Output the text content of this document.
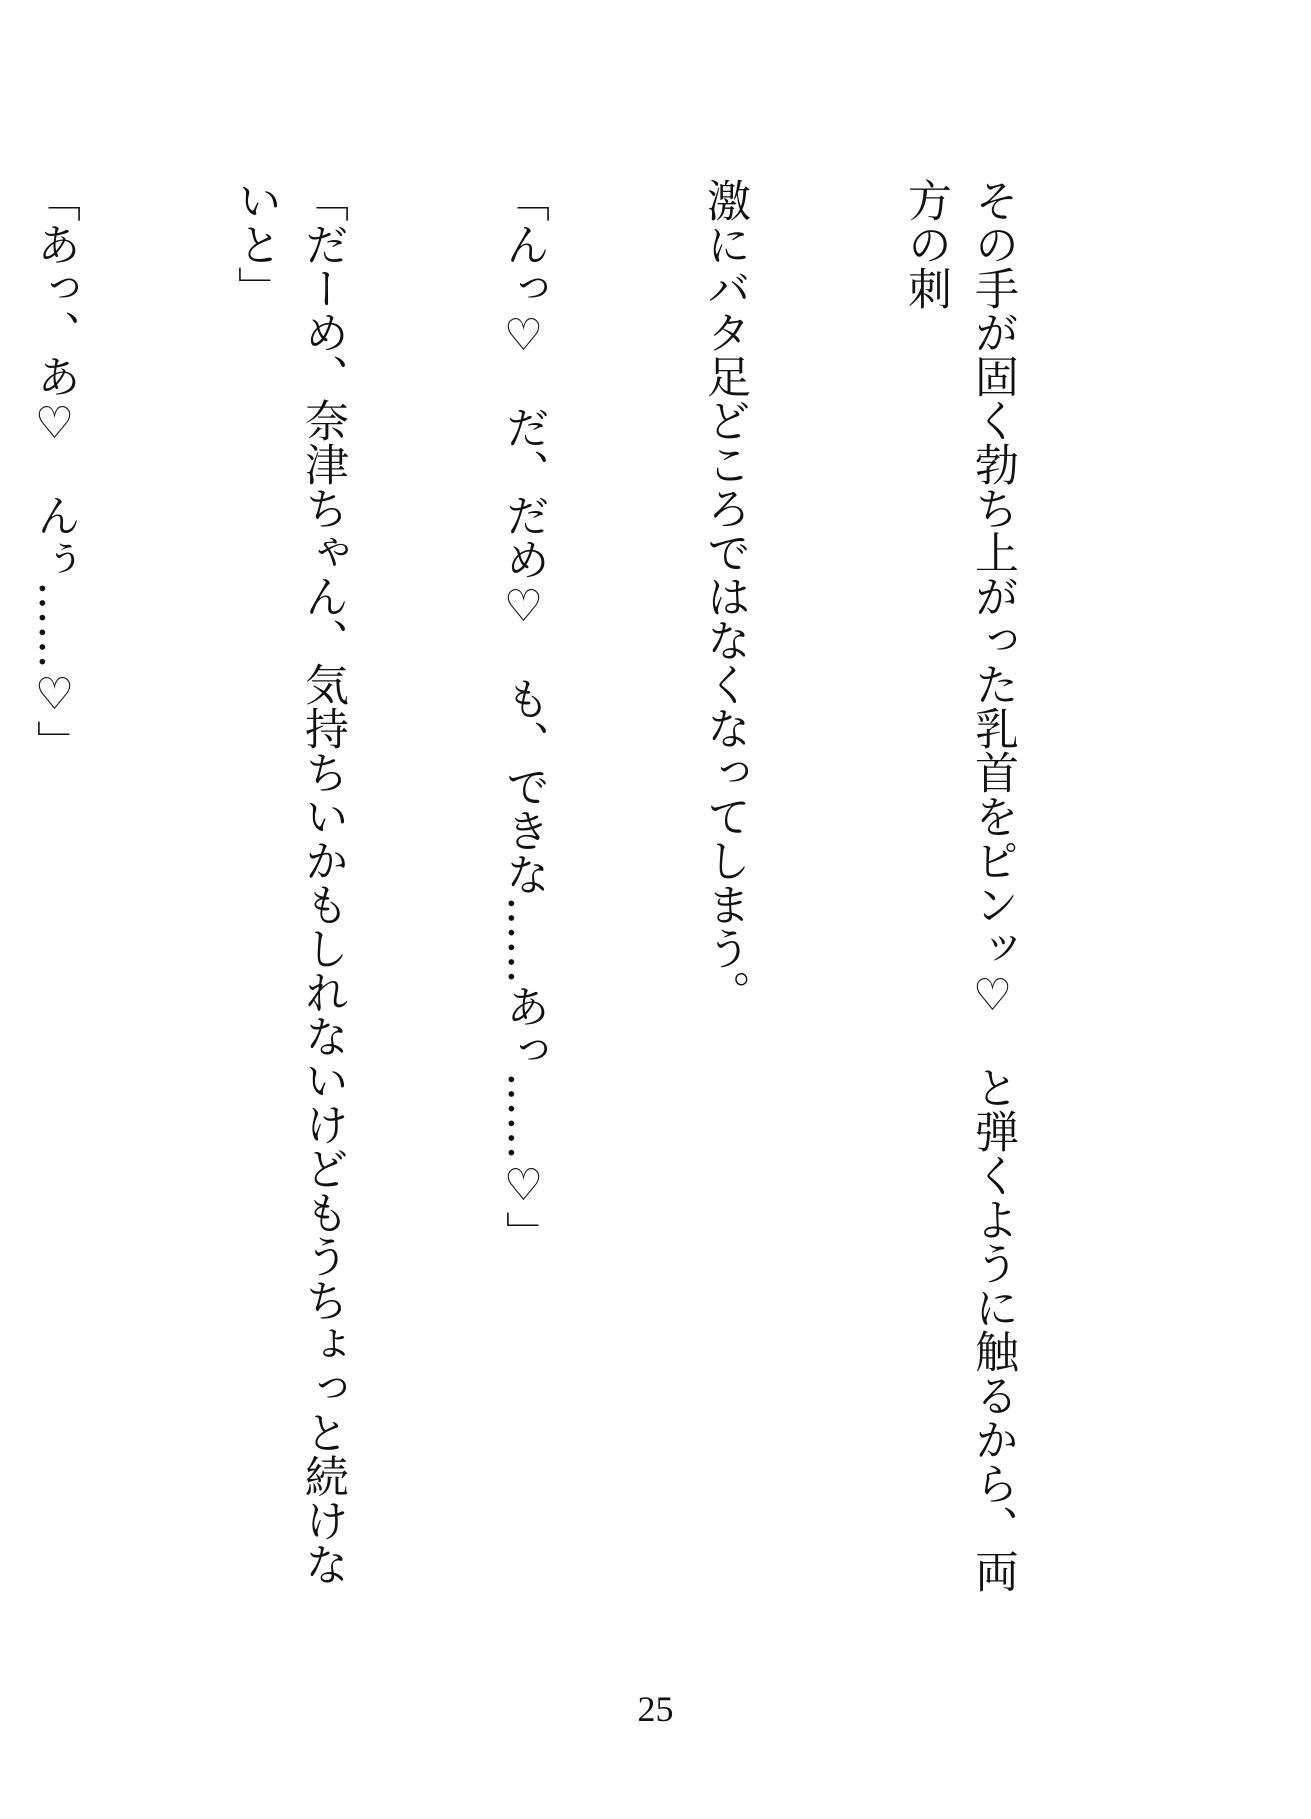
その手が固く勃ち上がった乳首をピンッ♡　と弾くように触るから、両方の刺

激にバタ足どころではなくなってしまう。

「んっ♡　だ、だめ♡　も、できな……あっ……♡」

「だーめ、奈津ちゃん、気持ちいかもしれないけどもうちょっと続けないと」

「あっ、あ♡　んぅ……♡」

25
